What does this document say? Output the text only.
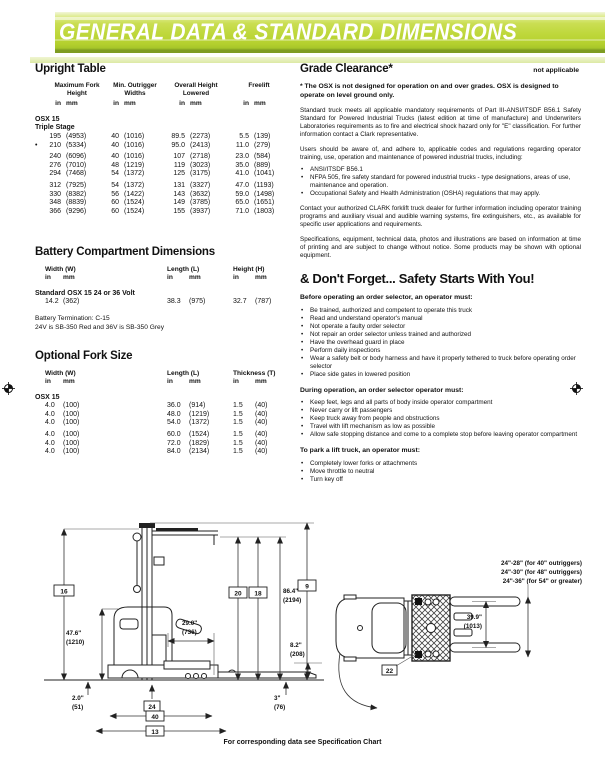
GENERAL DATA & STANDARD DIMENSIONS
Upright Table
Maximum Fork Height
Min. Outrigger Widths
Overall Height Lowered
Freelift
in mm	in mm	in mm	in mm
OSX 15
Triple Stage
195 (4953)	40 (1016)	89.5 (2273)	5.5 (139)
•	210 (5334)	40 (1016)	95.0 (2413)	11.0 (279)
240 (6096)	40 (1016)	107 (2718)	23.0 (584)
276 (7010)	48 (1219)	119 (3023)	35.0 (889)
294 (7468)	54 (1372)	125 (3175)	41.0 (1041)
312 (7925)	54 (1372)	131 (3327)	47.0 (1193)
330 (8382)	56 (1422)	143 (3632)	59.0 (1498)
348 (8839)	60 (1524)	149 (3785)	65.0 (1651)
366 (9296)	60 (1524)	155 (3937)	71.0 (1803)
Battery Compartment Dimensions
Width (W)	Length (L)	Height (H)
in	mm	in	mm	in	mm
Standard OSX 15 24 or 36 Volt
14.2 (362)	38.3	(975)	32.7	(787)
Battery Termination: C-15
24V is SB-350 Red and 36V is SB-350 Grey
Optional Fork Size
Width (W)	Length (L)	Thickness (T)
in	mm	in	mm	in	mm
OSX 15
4.0	(100)	36.0	(914)	1.5	(40)
4.0	(100)	48.0	(1219)	1.5	(40)
4.0	(100)	54.0	(1372)	1.5	(40)
4.0	(100)	60.0	(1524)	1.5	(40)
4.0	(100)	72.0	(1829)	1.5	(40)
4.0	(100)	84.0	(2134)	1.5	(40)
Grade Clearance*	not applicable
* The OSX is not designed for operation on and over grades. OSX is designed to operate on level ground only.
Standard truck meets all applicable mandatory requirements of Part III-ANSI/ITSDF B56.1 Safety Standard for Powered Industrial Trucks (latest edition at time of manufacture) and Underwriters Laboratories requirements as to fire and electrical shock hazard only for "E" classification. For further information contact a Clark representative.
Users should be aware of, and adhere to, applicable codes and regulations regarding operator training, use, operation and maintenance of powered industrial trucks, including:
•	ANSI/ITSDF B56.1
•	NFPA 505, fire safety standard for powered industrial trucks - type designations, areas of use, maintenance and operation.
•	Occupational Safety and Health Administration (OSHA) regulations that may apply.
Contact your authorized CLARK forklift truck dealer for further information including operator training programs and auxiliary visual and audible warning systems, fire extinguishers, etc., as available for specific user applications and requirements.
Specifications, equipment, technical data, photos and illustrations are based on information at time of printing and are subject to change without notice. Some products may be shown with optional equipment.
& Don't Forget... Safety Starts With You!
Before operating an order selector, an operator must:
•	Be trained, authorized and competent to operate this truck
•	Read and understand operator's manual
•	Not operate a faulty order selector
•	Not repair an order selector unless trained and authorized
•	Have the overhead guard in place
•	Perform daily inspections
•	Wear a safety belt or body harness and have it properly tethered to truck before operating order selector
•	Place side gates in lowered position
During operation, an order selector operator must:
•	Keep feet, legs and all parts of body inside operator compartment
•	Never carry or lift passengers
•	Keep truck away from people and obstructions
•	Travel with lift mechanism as low as possible
•	Allow safe stopping distance and come to a complete stop before leaving operator compartment
To park a lift truck, an operator must:
•	Completely lower forks or attachments
•	Move throttle to neutral
•	Turn key off
16
47.6"
(1210)
20 18	86.4"
(2194)
9
29.0"
(736)
8.2"
(208)
2.0"
(51)	24
40
13
3"
(76)
24"-28" (for 40" outriggers)
24"-30" (for 48" outriggers)
24"-36" (for 54" or greater)
39.9"
(1013)
22
For corresponding data see Specification Chart
